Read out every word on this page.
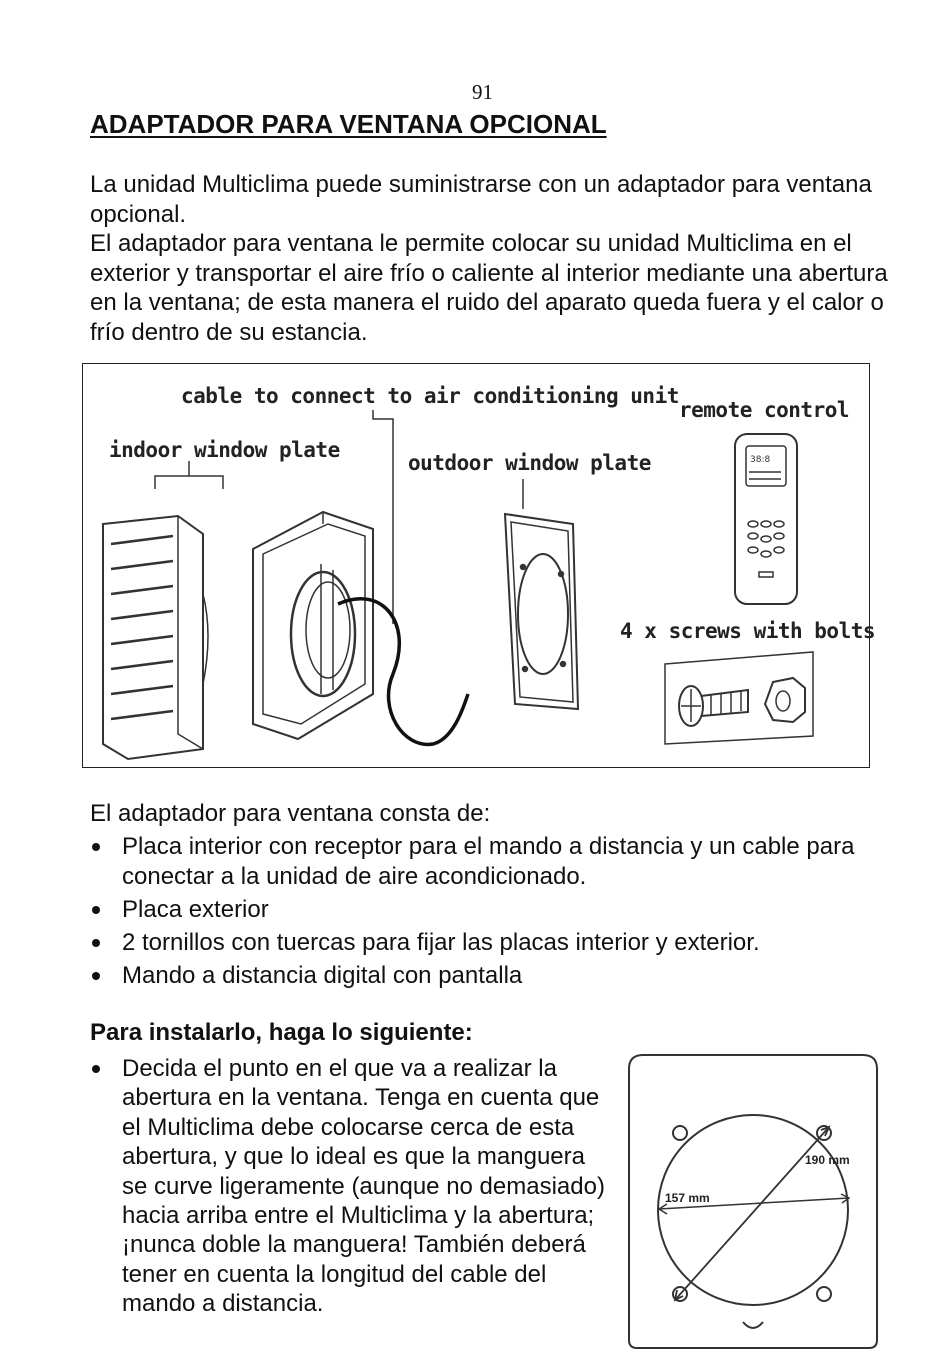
91
ADAPTADOR PARA VENTANA OPCIONAL

La unidad Multiclima puede suministrarse con un adaptador para ventana opcional.

El adaptador para ventana le permite colocar su unidad Multiclima en el exterior y transportar el aire frío o caliente al interior mediante una abertura en la ventana; de esta manera el ruido del aparato queda fuera y el calor o frío dentro de su estancia.

38:8
cable to connect to air conditioning unit
indoor window plate
outdoor window plate
remote control
4 x screws with bolts

El adaptador para ventana consta de:

Placa interior con receptor para el mando a distancia y un cable para conectar a la unidad de aire acondicionado.
Placa exterior
2 tornillos con tuercas para fijar las placas interior y exterior.
Mando a distancia digital con pantalla

Para instalarlo, haga lo siguiente:

Decida el punto en el que va a realizar la abertura en la ventana. Tenga en cuenta que el Multiclima debe colocarse cerca de esta abertura, y que lo ideal es que la manguera se curve ligeramente (aunque no demasiado) hacia arriba entre el Multiclima y la abertura; ¡nunca doble la manguera! También deberá tener en cuenta la longitud del cable del mando a distancia.
190 mm
157 mm
